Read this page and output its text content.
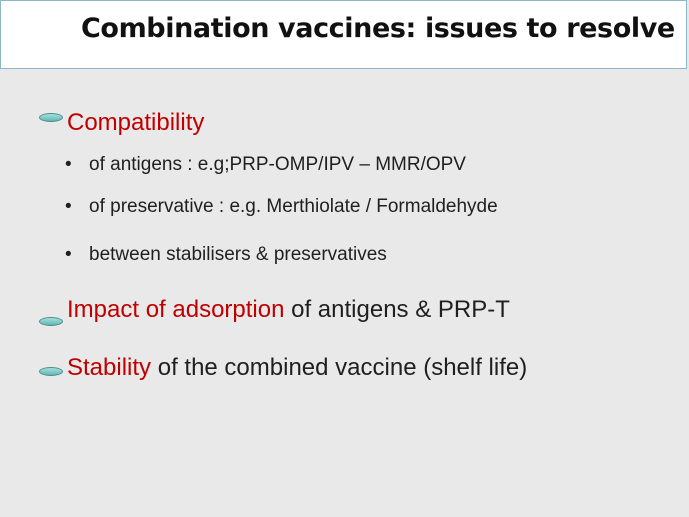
Combination vaccines: issues to resolve

Compatibility

• of antigens : e.g;PRP-OMP/IPV – MMR/OPV

• of preservative : e.g. Merthiolate / Formaldehyde

• between stabilisers & preservatives

Impact of adsorption of antigens & PRP-T

Stability of the combined vaccine (shelf life)
